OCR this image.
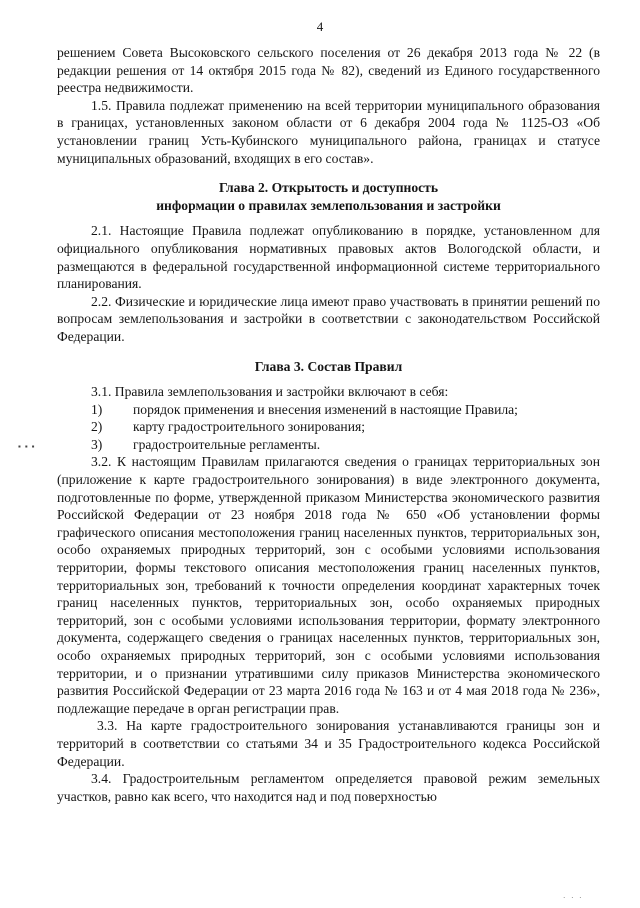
4
▪ ▪ ▪

решением Совета Высоковского сельского поселения от 26 декабря 2013 года № 22 (в редакции решения от 14 октября 2015 года № 82), сведений из Единого государственного реестра недвижимости.

1.5. Правила подлежат применению на всей территории муниципального образования в границах, установленных законом области от 6 декабря 2004 года № 1125-ОЗ «Об установлении границ Усть-Кубинского муниципального района, границах и статусе муниципальных образований, входящих в его состав».

Глава 2. Открытость и доступность

информации о правилах землепользования и застройки

2.1. Настоящие Правила подлежат опубликованию в порядке, установленном для официального опубликования нормативных правовых актов Вологодской области, и размещаются в федеральной государственной информационной системе территориального планирования.

2.2. Физические и юридические лица имеют право участвовать в принятии решений по вопросам землепользования и застройки в соответствии с законодательством Российской Федерации.

Глава 3. Состав Правил

3.1. Правила землепользования и застройки включают в себя:

1)	порядок применения и внесения изменений в настоящие Правила;
2)	карту градостроительного зонирования;
3)	градостроительные регламенты.

3.2. К настоящим Правилам прилагаются сведения о границах территориальных зон (приложение к карте градостроительного зонирования) в виде электронного документа, подготовленные по форме, утвержденной приказом Министерства экономического развития Российской Федерации от 23 ноября 2018 года № 650 «Об установлении формы графического описания местоположения границ населенных пунктов, территориальных зон, особо охраняемых природных территорий, зон с особыми условиями использования территории, формы текстового описания местоположения границ населенных пунктов, территориальных зон, требований к точности определения координат характерных точек границ населенных пунктов, территориальных зон, особо охраняемых природных территорий, зон с особыми условиями использования территории, формату электронного документа, содержащего сведения о границах населенных пунктов, территориальных зон, особо охраняемых природных территорий, зон с особыми условиями использования территории, и о признании утратившими силу приказов Министерства экономического развития Российской Федерации от 23 марта 2016 года № 163 и от 4 мая 2018 года № 236», подлежащие передаче в орган регистрации прав.

3.3. На карте градостроительного зонирования устанавливаются границы зон и территорий в соответствии со статьями 34 и 35 Градостроительного кодекса Российской Федерации.

3.4. Градостроительным регламентом определяется правовой режим земельных участков, равно как всего, что находится над и под поверхностью

· · ·
